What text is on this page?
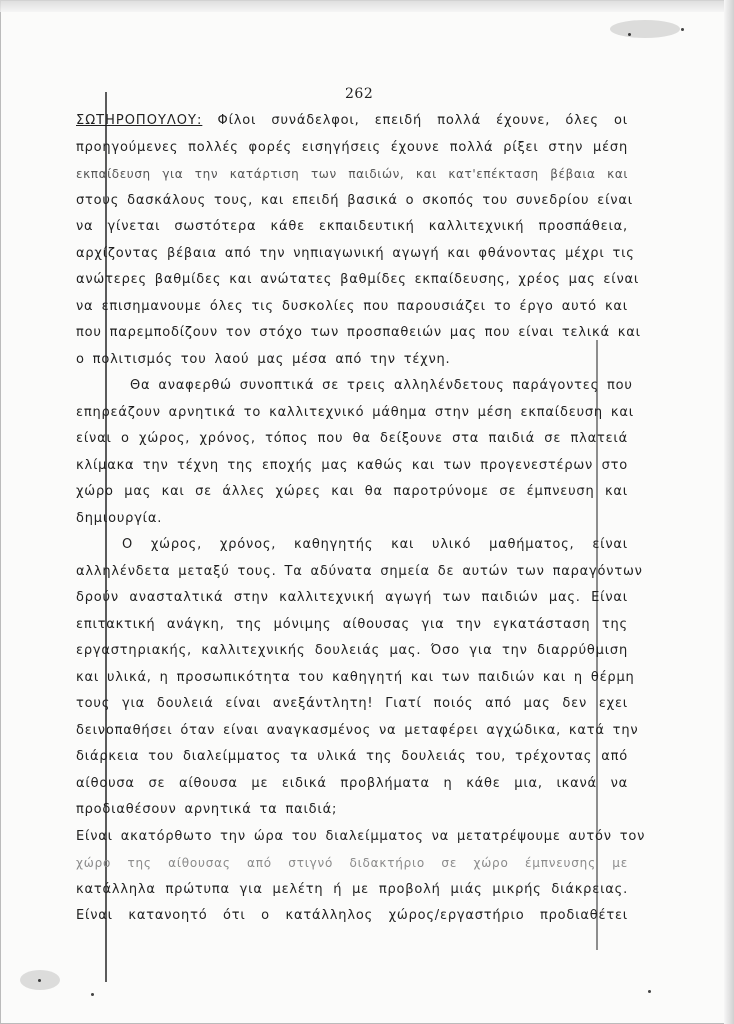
262
ΣΩΤΗΡΟΠΟΥΛΟΥ: Φίλοι συνάδελφοι, επειδή πολλά έχουνε, όλες οι
προηγούμενες πολλές φορές εισηγήσεις έχουνε πολλά ρίξει στην μέση
εκπαίδευση για την κατάρτιση των παιδιών, και κατ'επέκταση βέβαια και
στους δασκάλους τους, και επειδή βασικά ο σκοπός του συνεδρίου είναι
να γίνεται σωστότερα κάθε εκπαιδευτική καλλιτεχνική προσπάθεια,
αρχίζοντας βέβαια από την νηπιαγωνική αγωγή και φθάνοντας μέχρι τις
ανώτερες βαθμίδες και ανώτατες βαθμίδες εκπαίδευσης, χρέος μας είναι
να επισημανουμε όλες τις δυσκολίες που παρουσιάζει το έργο αυτό και
που παρεμποδίζουν τον στόχο των προσπαθειών μας που είναι τελικά και
ο πολιτισμός του λαού μας μέσα από την τέχνη.
Θα αναφερθώ συνοπτικά σε τρεις αλληλένδετους παράγοντες που
επηρεάζουν αρνητικά το καλλιτεχνικό μάθημα στην μέση εκπαίδευση και
είναι ο χώρος, χρόνος, τόπος που θα δείξουνε στα παιδιά σε πλατειά
κλίμακα την τέχνη της εποχής μας καθώς και των προγενεστέρων στο
χώρο μας και σε άλλες χώρες και θα παροτρύνομε σε έμπνευση και
δημιουργία.
Ο χώρος, χρόνος, καθηγητής και υλικό μαθήματος, είναι
αλληλένδετα μεταξύ τους. Τα αδύνατα σημεία δε αυτών των παραγόντων
δρούν ανασταλτικά στην καλλιτεχνική αγωγή των παιδιών μας. Είναι
επιτακτική ανάγκη, της μόνιμης αίθουσας για την εγκατάσταση της
εργαστηριακής, καλλιτεχνικής δουλειάς μας. Όσο για την διαρρύθμιση
και υλικά, η προσωπικότητα του καθηγητή και των παιδιών και η θέρμη
τους για δουλειά είναι ανεξάντλητη! Γιατί ποιός από μας δεν εχει
δεινοπαθήσει όταν είναι αναγκασμένος να μεταφέρει αγχώδικα, κατά την
διάρκεια του διαλείμματος τα υλικά της δουλειάς του, τρέχοντας από
αίθουσα σε αίθουσα με ειδικά προβλήματα η κάθε μια, ικανά να
προδιαθέσουν αρνητικά τα παιδιά;
Είναι ακατόρθωτο την ώρα του διαλείμματος να μετατρέψουμε αυτόν τον
χώρο της αίθουσας από στιγνό διδακτήριο σε χώρο έμπνευσης με
κατάλληλα πρώτυπα για μελέτη ή με προβολή μιάς μικρής διάκρειας.
Είναι κατανοητό ότι ο κατάλληλος χώρος/εργαστήριο προδιαθέτει
